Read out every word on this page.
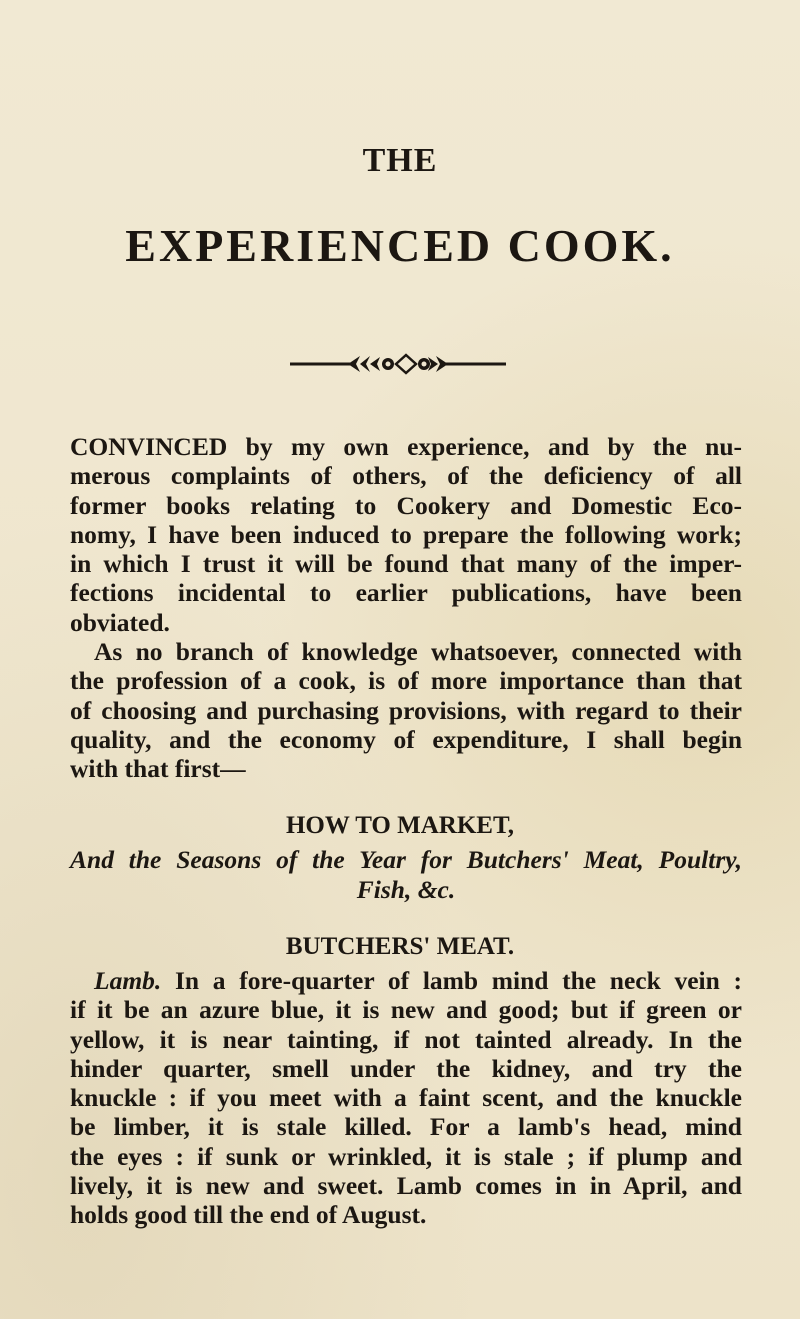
THE
EXPERIENCED COOK.
CONVINCED by my own experience, and by the nu-
merous complaints of others, of the deficiency of all
former books relating to Cookery and Domestic Eco-
nomy, I have been induced to prepare the following work;
in which I trust it will be found that many of the imper-
fections incidental to earlier publications, have been
obviated.
As no branch of knowledge whatsoever, connected with
the profession of a cook, is of more importance than that
of choosing and purchasing provisions, with regard to their
quality, and the economy of expenditure, I shall begin
with that first—
HOW TO MARKET,
And the Seasons of the Year for Butchers' Meat, Poultry,
Fish, &c.
BUTCHERS' MEAT.
Lamb. In a fore-quarter of lamb mind the neck vein :
if it be an azure blue, it is new and good; but if green or
yellow, it is near tainting, if not tainted already. In the
hinder quarter, smell under the kidney, and try the
knuckle : if you meet with a faint scent, and the knuckle
be limber, it is stale killed. For a lamb's head, mind
the eyes : if sunk or wrinkled, it is stale ; if plump and
lively, it is new and sweet. Lamb comes in in April, and
holds good till the end of August.
